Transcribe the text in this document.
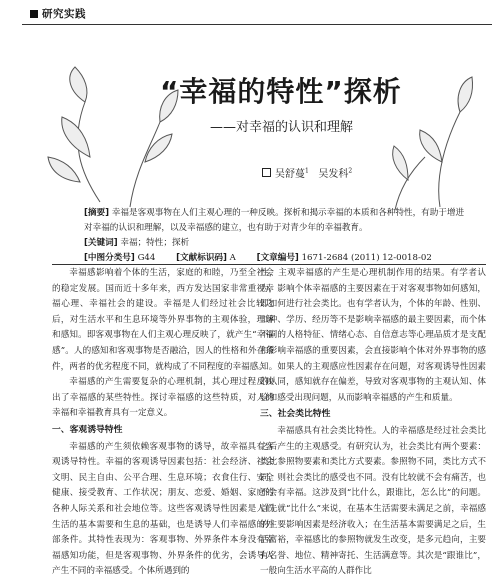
研究实践
“幸福的特性”探析
——对幸福的认识和理解
吴舒蔓$^1$ 吴发科$^2$
[摘要] 幸福是客观事物在人们主观心理的一种反映。探析和揭示幸福的本质和各种特性，有助于增进
对幸福的认识和理解，以及幸福感的建立，也有助于对青少年的幸福教育。
[关键词] 幸福；特性；探析
[中图分类号] G44 [文献标识码] A [文章编号] 1671-2684 (2011) 12-0018-02

幸福感影响着个体的生活，家庭的和睦，乃至全社会的稳定发展。国而近十多年来，西方发达国家非常重视幸福心理、幸福社会的建设。幸福是人们经过社会比较之后，对生活水平和生息环境等外界事物的主观体验，理解和感知。即客观事物在人们主观心理反映了，就产生“幸福感”。人的感知和客观事物是否融洽，因人的性格和外在条件，两者的优劣程度不同，就构成了不同程度的幸福感。

幸福感的产生需要复杂的心理机制，其心理过程反映出了幸福感的某些特性。探讨幸福感的这些特质，对人的幸福和幸福教育具有一定意义。

一、客观诱导特性

幸福感的产生须依赖客观事物的诱导，故幸福具有客观诱导特性。幸福的客观诱导因素包括：社会经济、社会文明、民主自由、公平合理、生息环境；衣食住行、安全健康、接受教育、工作状况；朋友、恋爱、婚姻、家庭的各种人际关系和社会地位等。这些客观诱导性因素是人们生活的基本需要和生息的基础，也是诱导人们幸福感的外部条件。其特性表现为：客观事物、外界条件本身没有幸福感知功能，但是客观事物、外界条件的优劣，会诱导人产生不同的幸福感受。个体所遇到的

性，主观幸福感的产生是心理机制作用的结果。有学者认为，影响个体幸福感的主要因素在于对客观事物如何感知，即如何进行社会类比。也有学者认为，个体的年龄、性别、工种、学历、经历等不是影响幸福感的最主要因素，而个体不同的人格特征、情绪心态、自信意志等心理品质才是支配和影响幸福感的重要因素，会直接影响个体对外界事物的感知。如果人的主观感应性因素存在问题，对客观诱导性因素的认同，感知就存在偏差，导致对客观事物的主观认知、体验和感受出现问题，从而影响幸福感的产生和质量。

三、社会类比特性

幸福感具有社会类比特性。人的幸福感是经过社会类比之后产生的主观感受。有研究认为，社会类比有两个要素：类比参照物要素和类比方式要素。参照物不同，类比方式不同，则社会类比的感受也不同。没有比较就不会有痛苦，也不会有幸福。这涉及到“比什么，跟谁比，怎么比”的问题。首先就“比什么”来说，在基本生活需要未满足之前，幸福感的主要影响因素是经济收入；在生活基本需要满足之后，生活富裕，幸福感比的参照物就发生改变，是多元趋向，主要有名誉、地位、精神寄托、生活满意等。其次是“跟谁比”，一般向生活水平高的人群作比
